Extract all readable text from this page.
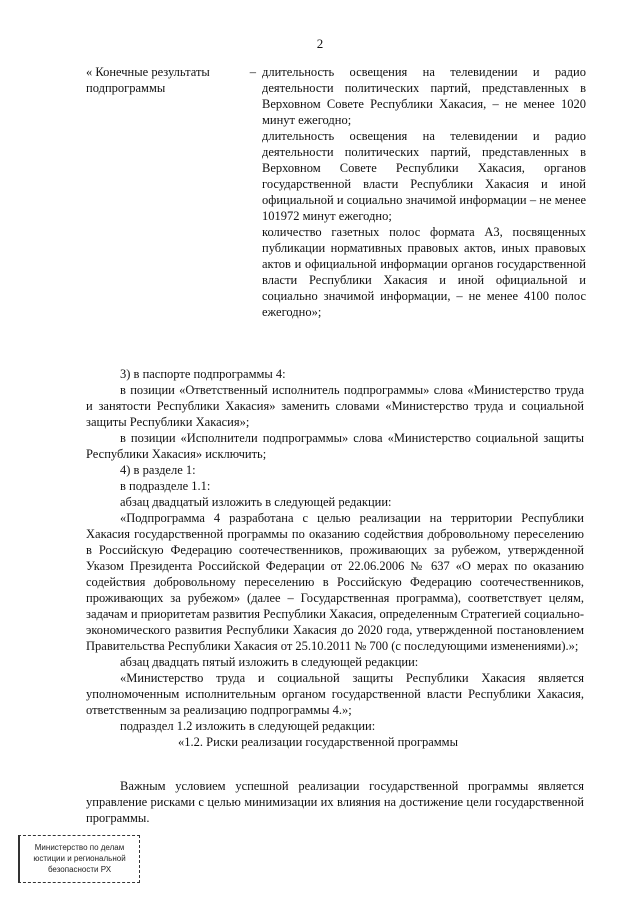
2
« Конечные результаты подпрограммы
– длительность освещения на телевидении и радио деятельности политических партий, представленных в Верховном Совете Республики Хакасия, – не менее 1020 минут ежегодно;

длительность освещения на телевидении и радио деятельности политических партий, представленных в Верховном Совете Республики Хакасия, органов государственной власти Республики Хакасия и иной официальной и социально значимой информации – не менее 101972 минут ежегодно;

количество газетных полос формата А3, посвященных публикации нормативных правовых актов, иных правовых актов и официальной информации органов государственной власти Республики Хакасия и иной официальной и социально значимой информации, – не менее 4100 полос ежегодно»;

3) в паспорте подпрограммы 4:

в позиции «Ответственный исполнитель подпрограммы» слова «Министерство труда и занятости Республики Хакасия» заменить словами «Министерство труда и социальной защиты Республики Хакасия»;

в позиции «Исполнители подпрограммы» слова «Министерство социальной защиты Республики Хакасия» исключить;

4) в разделе 1:

в подразделе 1.1:

абзац двадцатый изложить в следующей редакции:

«Подпрограмма 4 разработана с целью реализации на территории Республики Хакасия государственной программы по оказанию содействия добровольному переселению в Российскую Федерацию соотечественников, проживающих за рубежом, утвержденной Указом Президента Российской Федерации от 22.06.2006 № 637 «О мерах по оказанию содействия добровольному переселению в Российскую Федерацию соотечественников, проживающих за рубежом» (далее – Государственная программа), соответствует целям, задачам и приоритетам развития Республики Хакасия, определенным Стратегией социально-экономического развития Республики Хакасия до 2020 года, утвержденной постановлением Правительства Республики Хакасия от 25.10.2011 № 700 (с последующими изменениями).»;

абзац двадцать пятый изложить в следующей редакции:

«Министерство труда и социальной защиты Республики Хакасия является уполномоченным исполнительным органом государственной власти Республики Хакасия, ответственным за реализацию подпрограммы 4.»;

подраздел 1.2 изложить в следующей редакции:

«1.2. Риски реализации государственной программы

Важным условием успешной реализации государственной программы является управление рисками с целью минимизации их влияния на достижение цели государственной программы.

Министерство по делам

юстиции и региональной

безопасности РХ
